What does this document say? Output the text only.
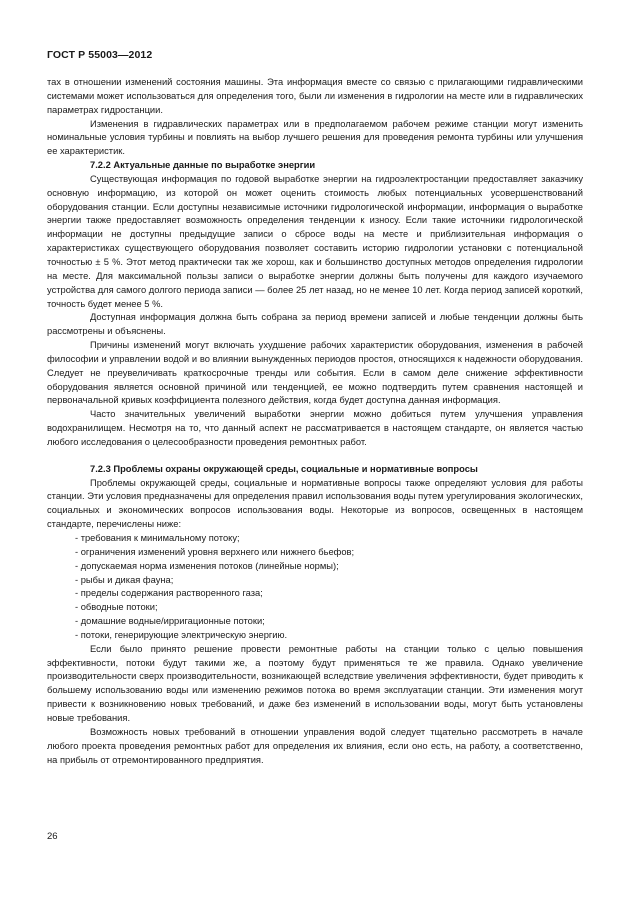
ГОСТ Р 55003—2012

тах в отношении изменений состояния машины. Эта информация вместе со связью с прилагающими гидравлическими системами может использоваться для определения того, были ли изменения в гидрологии на месте или в гидравлических параметрах гидростанции.

Изменения в гидравлических параметрах или в предполагаемом рабочем режиме станции могут изменить номинальные условия турбины и повлиять на выбор лучшего решения для проведения ремонта турбины или улучшения ее характеристик.

7.2.2 Актуальные данные по выработке энергии

Существующая информация по годовой выработке энергии на гидроэлектростанции предоставляет заказчику основную информацию, из которой он может оценить стоимость любых потенциальных усовершенствований оборудования станции. Если доступны независимые источники гидрологической информации, информация о выработке энергии также предоставляет возможность определения тенденции к износу. Если такие источники гидрологической информации не доступны предыдущие записи о сбросе воды на месте и приблизительная информация о характеристиках существующего оборудования позволяет составить историю гидрологии установки с потенциальной точностью ± 5 %. Этот метод практически так же хорош, как и большинство доступных методов определения гидрологии на месте. Для максимальной пользы записи о выработке энергии должны быть получены для каждого изучаемого устройства для самого долгого периода записи — более 25 лет назад, но не менее 10 лет. Когда период записей короткий, точность будет менее 5 %.

Доступная информация должна быть собрана за период времени записей и любые тенденции должны быть рассмотрены и объяснены.

Причины изменений могут включать ухудшение рабочих характеристик оборудования, изменения в рабочей философии и управлении водой и во влиянии вынужденных периодов простоя, относящихся к надежности оборудования. Следует не преувеличивать краткосрочные тренды или события. Если в самом деле снижение эффективности оборудования является основной причиной или тенденцией, ее можно подтвердить путем сравнения настоящей и первоначальной кривых коэффициента полезного действия, когда будет доступна данная информация.

Часто значительных увеличений выработки энергии можно добиться путем улучшения управления водохранилищем. Несмотря на то, что данный аспект не рассматривается в настоящем стандарте, он является частью любого исследования о целесообразности проведения ремонтных работ.

7.2.3 Проблемы охраны окружающей среды, социальные и нормативные вопросы

Проблемы окружающей среды, социальные и нормативные вопросы также определяют условия для работы станции. Эти условия предназначены для определения правил использования воды путем урегулирования экологических, социальных и экономических вопросов использования воды. Некоторые из вопросов, освещенных в настоящем стандарте, перечислены ниже:

- требования к минимальному потоку;
- ограничения изменений уровня верхнего или нижнего бьефов;
- допускаемая норма изменения потоков (линейные нормы);
- рыбы и дикая фауна;
- пределы содержания растворенного газа;
- обводные потоки;
- домашние водные/ирригационные потоки;
- потоки, генерирующие электрическую энергию.

Если было принято решение провести ремонтные работы на станции только с целью повышения эффективности, потоки будут такими же, а поэтому будут применяться те же правила. Однако увеличение производительности сверх производительности, возникающей вследствие увеличения эффективности, будет приводить к большему использованию воды или изменению режимов потока во время эксплуатации станции. Эти изменения могут привести к возникновению новых требований, и даже без изменений в использовании воды, могут быть установлены новые требования.

Возможность новых требований в отношении управления водой следует тщательно рассмотреть в начале любого проекта проведения ремонтных работ для определения их влияния, если оно есть, на работу, а соответственно, на прибыль от отремонтированного предприятия.

26
